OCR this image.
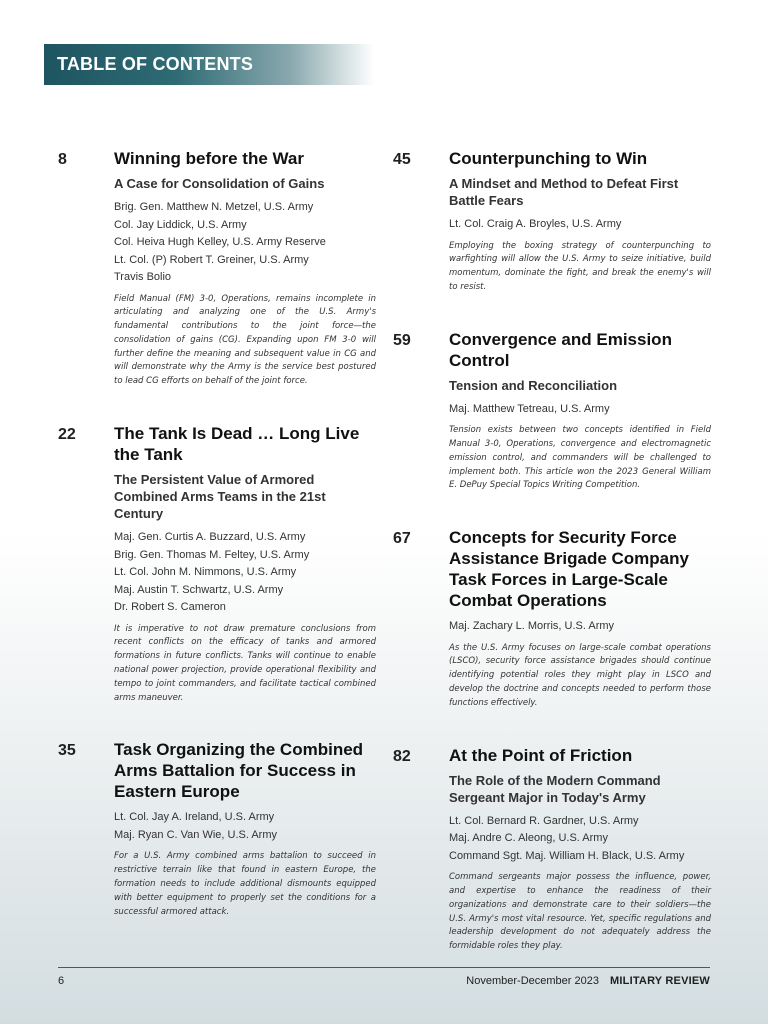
TABLE OF CONTENTS
8	Winning before the War
A Case for Consolidation of Gains
Brig. Gen. Matthew N. Metzel, U.S. Army
Col. Jay Liddick, U.S. Army
Col. Heiva Hugh Kelley, U.S. Army Reserve
Lt. Col. (P) Robert T. Greiner, U.S. Army
Travis Bolio
Field Manual (FM) 3-0, Operations, remains incomplete in articulating and analyzing one of the U.S. Army's fundamental contributions to the joint force—the consolidation of gains (CG). Expanding upon FM 3-0 will further define the meaning and subsequent value in CG and will demonstrate why the Army is the service best postured to lead CG efforts on behalf of the joint force.
22	The Tank Is Dead … Long Live the Tank
The Persistent Value of Armored Combined Arms Teams in the 21st Century
Maj. Gen. Curtis A. Buzzard, U.S. Army
Brig. Gen. Thomas M. Feltey, U.S. Army
Lt. Col. John M. Nimmons, U.S. Army
Maj. Austin T. Schwartz, U.S. Army
Dr. Robert S. Cameron
It is imperative to not draw premature conclusions from recent conflicts on the efficacy of tanks and armored formations in future conflicts. Tanks will continue to enable national power projection, provide operational flexibility and tempo to joint commanders, and facilitate tactical combined arms maneuver.
35	Task Organizing the Combined Arms Battalion for Success in Eastern Europe
Lt. Col. Jay A. Ireland, U.S. Army
Maj. Ryan C. Van Wie, U.S. Army
For a U.S. Army combined arms battalion to succeed in restrictive terrain like that found in eastern Europe, the formation needs to include additional dismounts equipped with better equipment to properly set the conditions for a successful armored attack.
45	Counterpunching to Win
A Mindset and Method to Defeat First Battle Fears
Lt. Col. Craig A. Broyles, U.S. Army
Employing the boxing strategy of counterpunching to warfighting will allow the U.S. Army to seize initiative, build momentum, dominate the fight, and break the enemy's will to resist.
59	Convergence and Emission Control
Tension and Reconciliation
Maj. Matthew Tetreau, U.S. Army
Tension exists between two concepts identified in Field Manual 3-0, Operations, convergence and electromagnetic emission control, and commanders will be challenged to implement both. This article won the 2023 General William E. DePuy Special Topics Writing Competition.
67	Concepts for Security Force Assistance Brigade Company Task Forces in Large-Scale Combat Operations
Maj. Zachary L. Morris, U.S. Army
As the U.S. Army focuses on large-scale combat operations (LSCO), security force assistance brigades should continue identifying potential roles they might play in LSCO and develop the doctrine and concepts needed to perform those functions effectively.
82	At the Point of Friction
The Role of the Modern Command Sergeant Major in Today's Army
Lt. Col. Bernard R. Gardner, U.S. Army
Maj. Andre C. Aleong, U.S. Army
Command Sgt. Maj. William H. Black, U.S. Army
Command sergeants major possess the influence, power, and expertise to enhance the readiness of their organizations and demonstrate care to their soldiers—the U.S. Army's most vital resource. Yet, specific regulations and leadership development do not adequately address the formidable roles they play.
6	November-December 2023 MILITARY REVIEW
